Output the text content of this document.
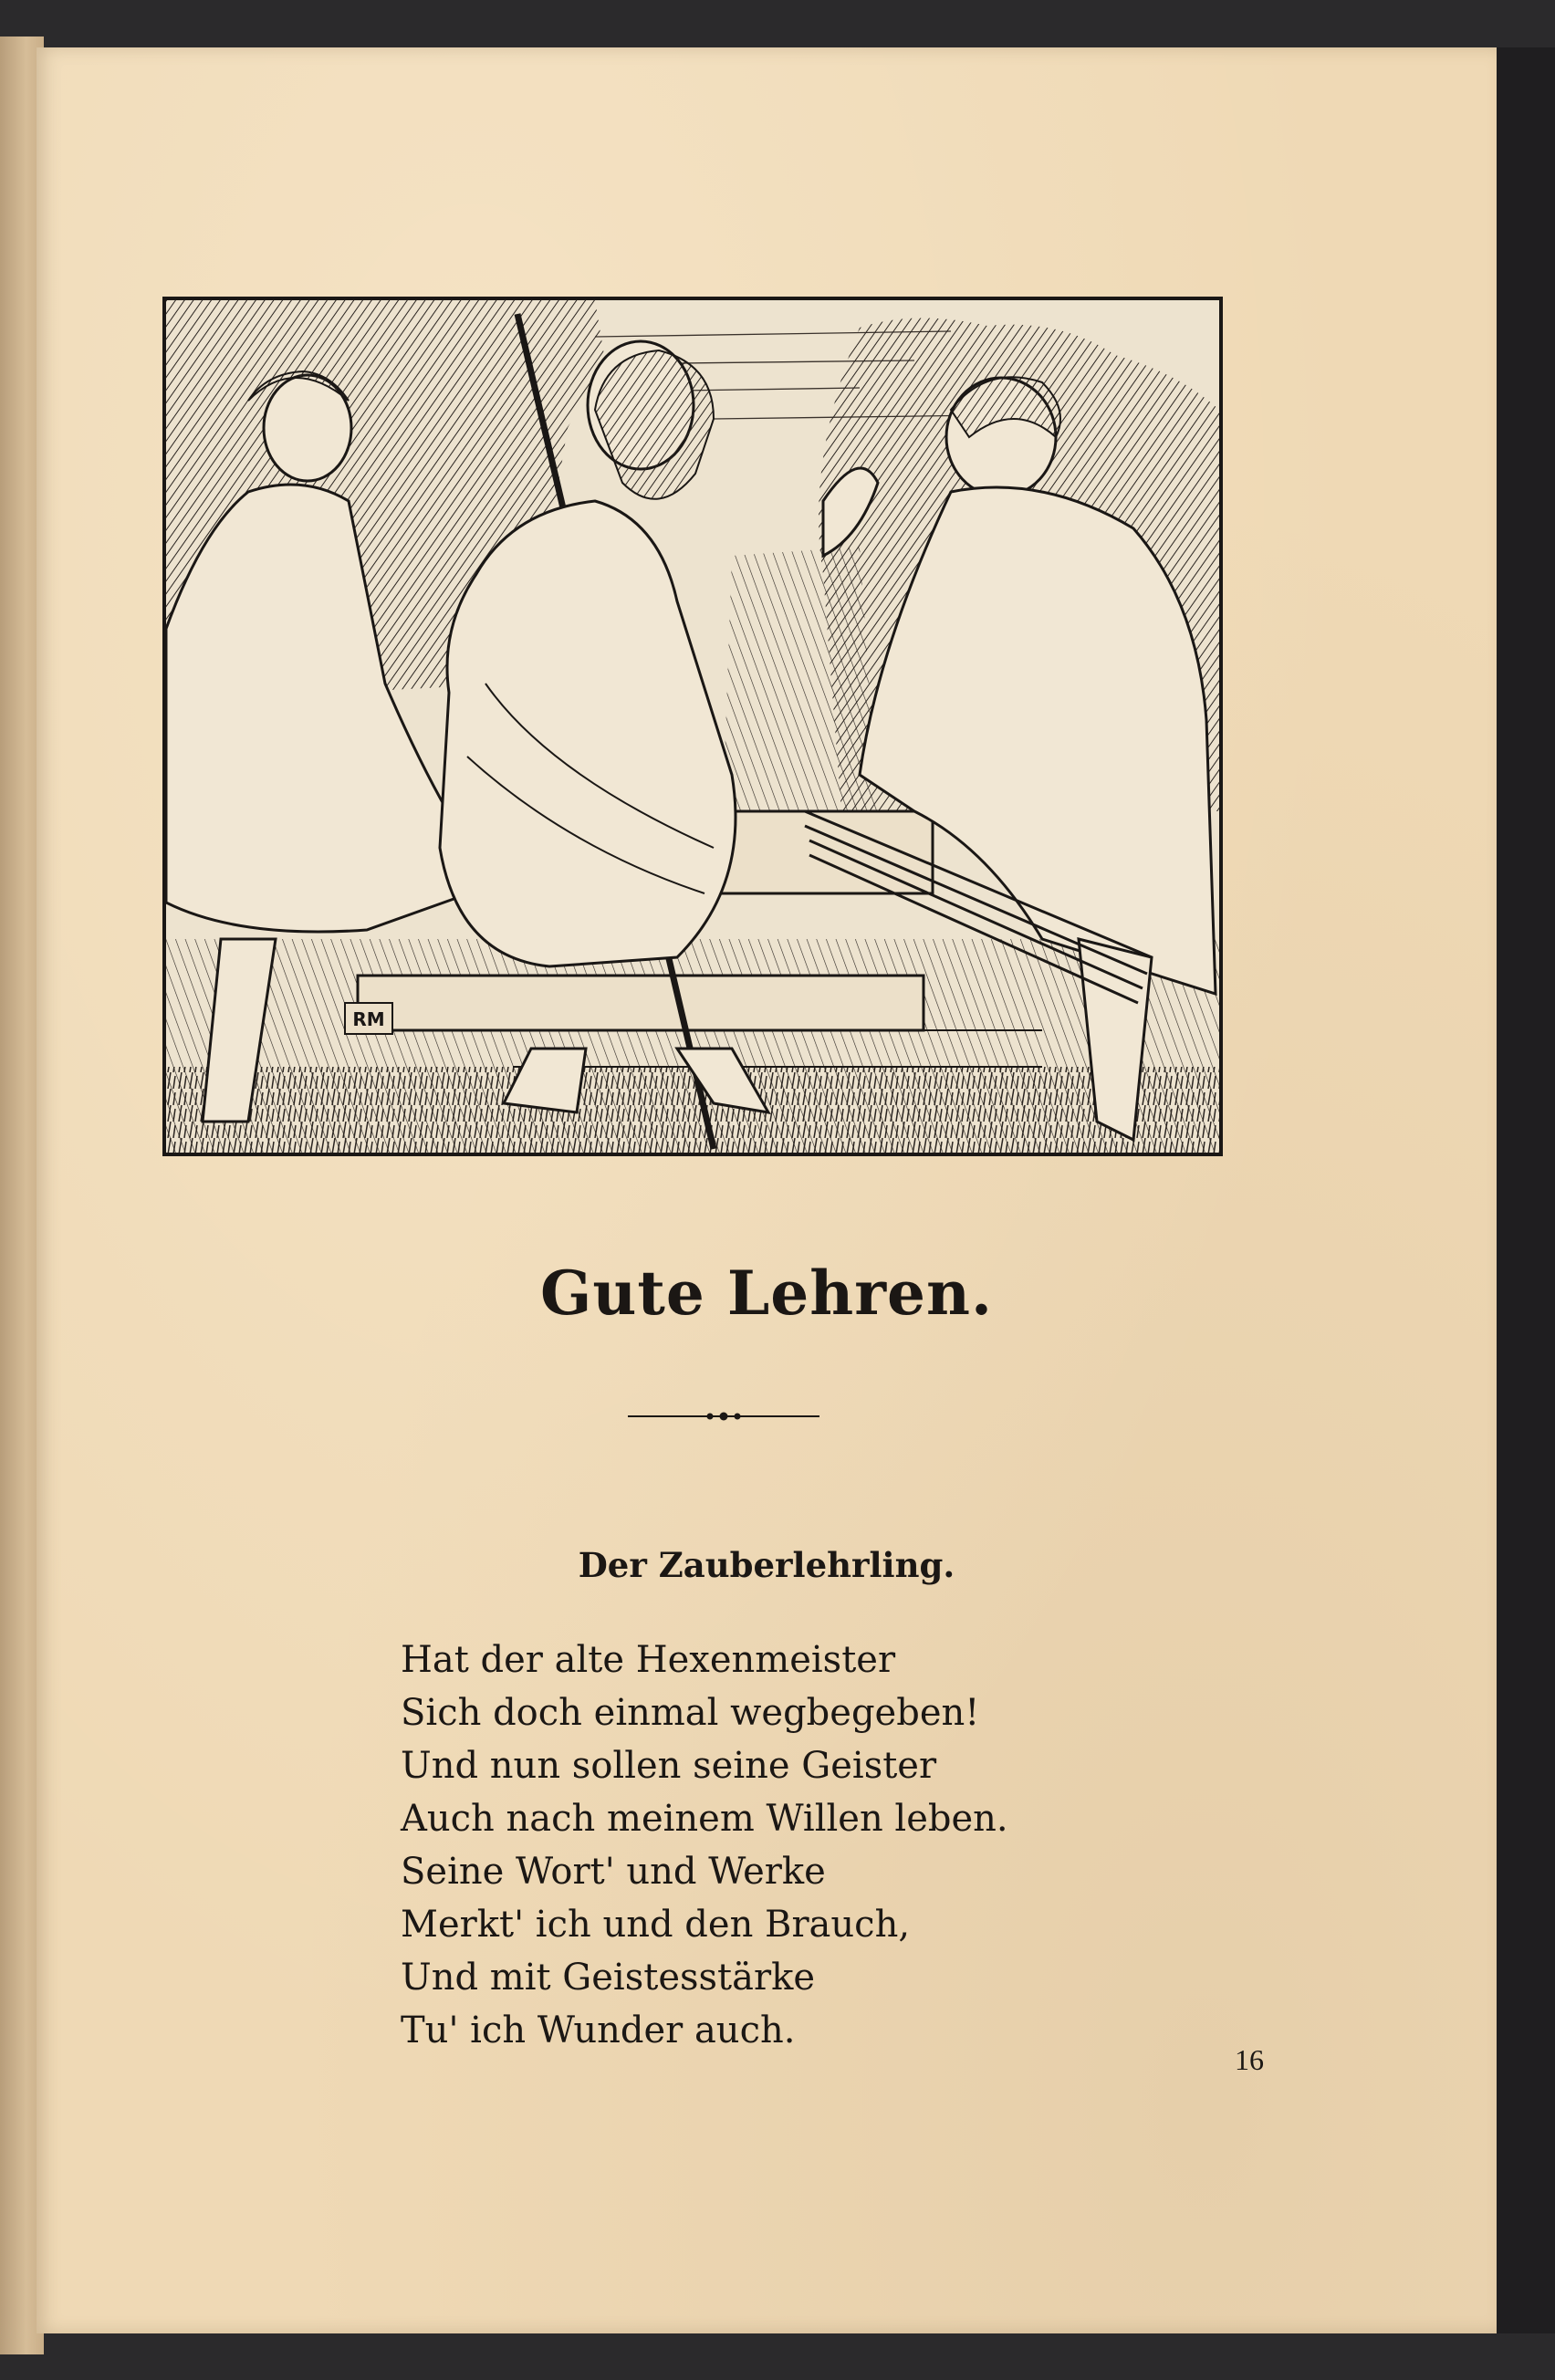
RM
Gute Lehren.
Der Zauberlehrling.
Hat der alte Hexenmeister
Sich doch einmal wegbegeben!
Und nun sollen seine Geister
Auch nach meinem Willen leben.
Seine Wort' und Werke
Merkt' ich und den Brauch,
Und mit Geistesstärke
Tu' ich Wunder auch.
16
